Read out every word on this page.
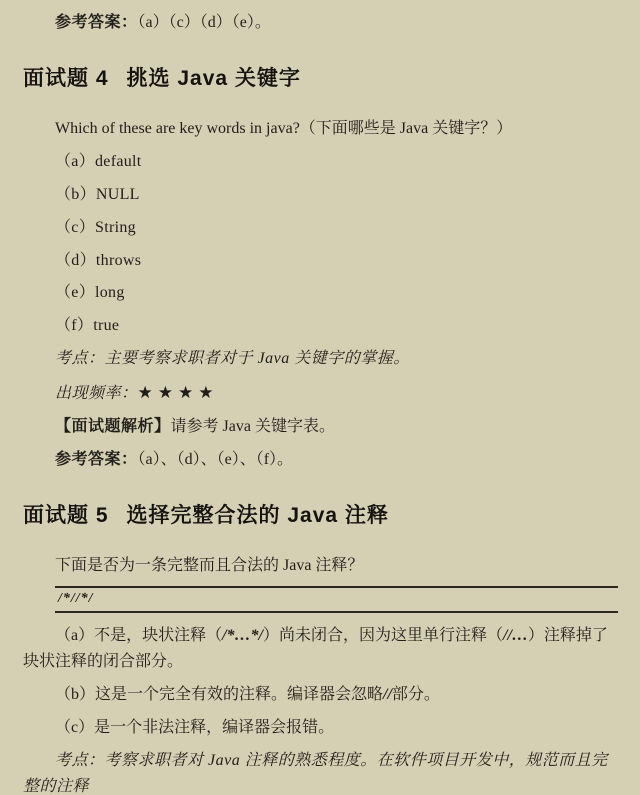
参考答案：（a）（c）（d）（e）。

面试题 4 挑选 Java 关键字

Which of these are key words in java?（下面哪些是 Java 关键字？）

（a）default

（b）NULL

（c）String

（d）throws

（e）long

（f）true

考点：主要考察求职者对于 Java 关键字的掌握。

出现频率：★★★★

【面试题解析】请参考 Java 关键字表。

参考答案：（a）、（d）、（e）、（f）。

面试题 5 选择完整合法的 Java 注释

下面是否为一条完整而且合法的 Java 注释？

/*//*/

（a）不是，块状注释（/*…*/）尚未闭合，因为这里单行注释（//…）注释掉了块状注释的闭合部分。

（b）这是一个完全有效的注释。编译器会忽略//部分。

（c）是一个非法注释，编译器会报错。

考点：考察求职者对 Java 注释的熟悉程度。在软件项目开发中，规范而且完整的注释
